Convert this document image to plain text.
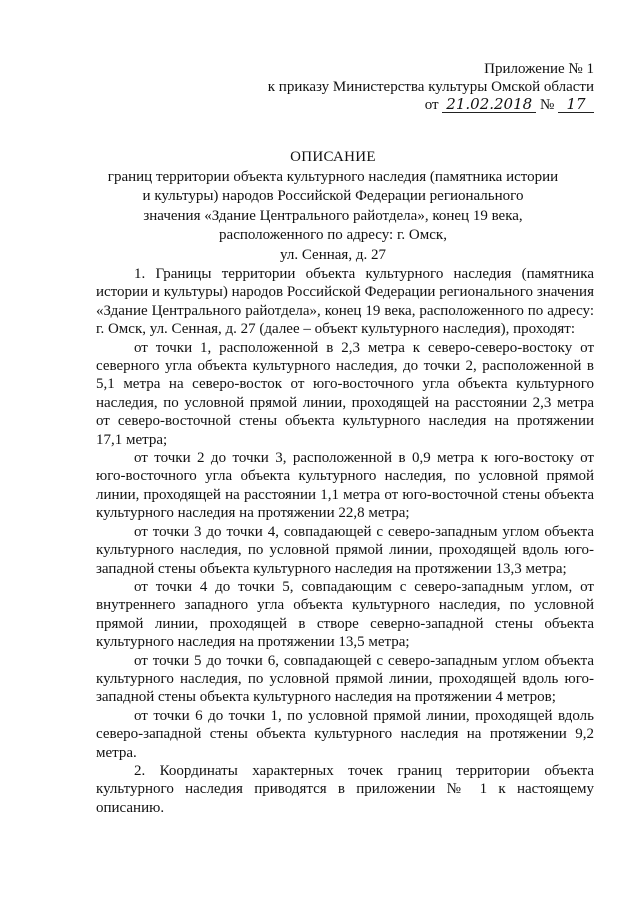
Приложение № 1
к приказу Министерства культуры Омской области
от 21.02.2018 № 17
ОПИСАНИЕ
границ территории объекта культурного наследия (памятника истории
и культуры) народов Российской Федерации регионального
значения «Здание Центрального райотдела», конец 19 века,
расположенного по адресу: г. Омск,
ул. Сенная, д. 27

1. Границы территории объекта культурного наследия (памятника истории и культуры) народов Российской Федерации регионального значения «Здание Центрального райотдела», конец 19 века, расположенного по адресу: г. Омск, ул. Сенная, д. 27 (далее – объект культурного наследия), проходят:

от точки 1, расположенной в 2,3 метра к северо-северо-востоку от северного угла объекта культурного наследия, до точки 2, расположенной в 5,1 метра на северо-восток от юго-восточного угла объекта культурного наследия, по условной прямой линии, проходящей на расстоянии 2,3 метра от северо-восточной стены объекта культурного наследия на протяжении 17,1 метра;

от точки 2 до точки 3, расположенной в 0,9 метра к юго-востоку от юго-восточного угла объекта культурного наследия, по условной прямой линии, проходящей на расстоянии 1,1 метра от юго-восточной стены объекта культурного наследия на протяжении 22,8 метра;

от точки 3 до точки 4, совпадающей с северо-западным углом объекта культурного наследия, по условной прямой линии, проходящей вдоль юго-западной стены объекта культурного наследия на протяжении 13,3 метра;

от точки 4 до точки 5, совпадающим с северо-западным углом, от внутреннего западного угла объекта культурного наследия, по условной прямой линии, проходящей в створе северно-западной стены объекта культурного наследия на протяжении 13,5 метра;

от точки 5 до точки 6, совпадающей с северо-западным углом объекта культурного наследия, по условной прямой линии, проходящей вдоль юго-западной стены объекта культурного наследия на протяжении 4 метров;

от точки 6 до точки 1, по условной прямой линии, проходящей вдоль северо-западной стены объекта культурного наследия на протяжении 9,2 метра.

2. Координаты характерных точек границ территории объекта культурного наследия приводятся в приложении № 1 к настоящему описанию.
